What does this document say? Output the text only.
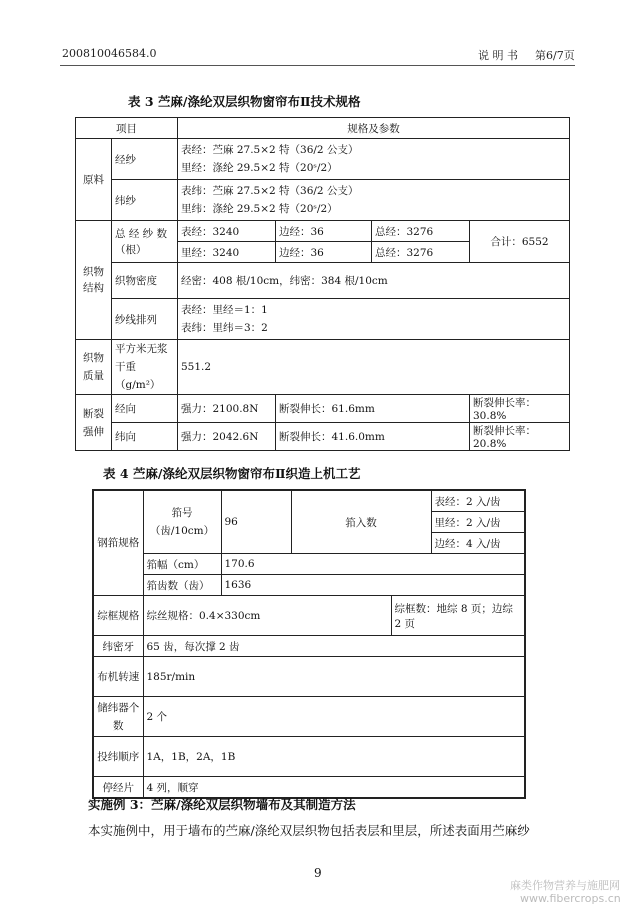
200810046584.0	说 明 书 第6/7页
表 3 苎麻/涤纶双层织物窗帘布Ⅱ技术规格
项目		规格及参数			
原料	经纱	表经：苎麻 27.5×2 特（36/2 公支）
里经：涤纶 29.5×2 特（20ˢ/2）			

	纬纱	表纬：苎麻 27.5×2 特（36/2 公支）
里纬：涤纶 29.5×2 特（20ˢ/2）			

织物结构	总 经 纱 数（根）	表经：3240	边经：36	总经：3276	合计：6552
		里经：3240	边经：36	总经：3276	
	织物密度	经密：408 根/10cm，纬密：384 根/10cm			
	纱线排列	表经：里经＝1：1
表纬：里纬＝3：2			

织物质量	平方米无浆干重（g/m²）	551.2			
断裂强伸	经向	强力：2100.8N	断裂伸长：61.6mm		断裂伸长率：30.8%
	纬向	强力：2042.6N	断裂伸长：41.6.0mm		断裂伸长率：20.8%
表 4 苎麻/涤纶双层织物窗帘布Ⅱ织造上机工艺
钢筘规格	筘号（齿/10cm）	96	筘入数		表经：2 入/齿
					里经：2 入/齿
					边经：4 入/齿
	筘幅（cm）	170.6			
	筘齿数（齿）	1636			
综框规格	综丝规格：0.4×330cm			综框数：地综 8 页；边综 2 页	
纬密牙	65 齿，每次撑 2 齿				
布机转速	185r/min				
储纬器个数	2 个				
投纬顺序	1A，1B，2A，1B				
停经片	4 列，顺穿				
实施例 3：苎麻/涤纶双层织物墙布及其制造方法
本实施例中，用于墙布的苎麻/涤纶双层织物包括表层和里层，所述表面用苎麻纱
9
麻类作物营养与施肥网
www.fibercrops.cn
